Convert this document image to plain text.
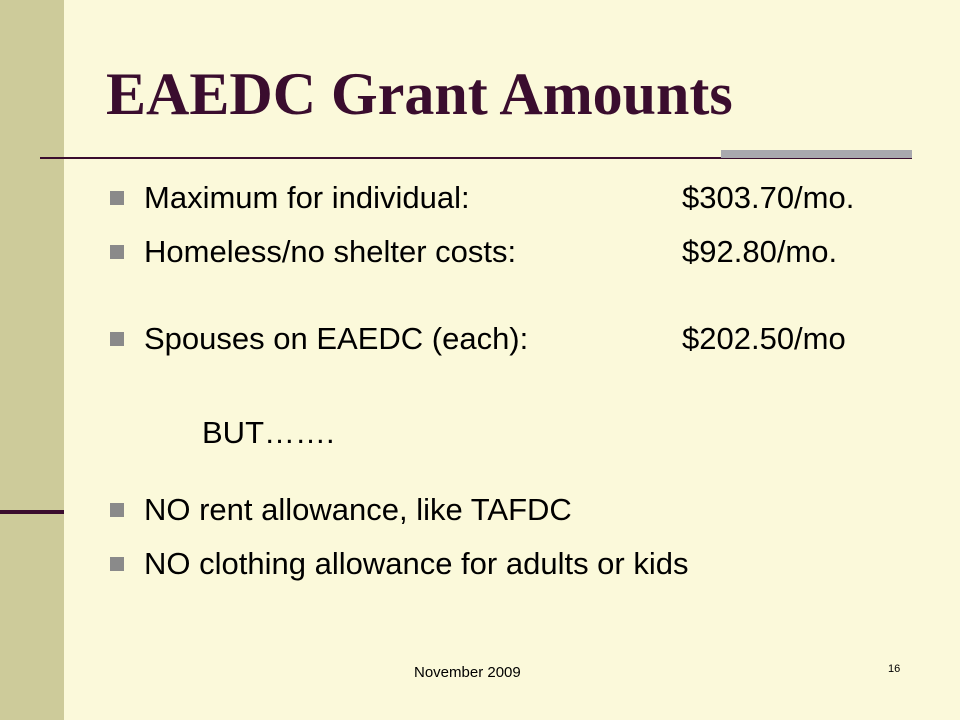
EAEDC Grant Amounts
Maximum for individual:	$303.70/mo.
Homeless/no shelter costs:	$92.80/mo.
Spouses on EAEDC (each):	$202.50/mo
NO rent allowance, like TAFDC
NO clothing allowance for adults or kids
BUT…….
November 2009	16
